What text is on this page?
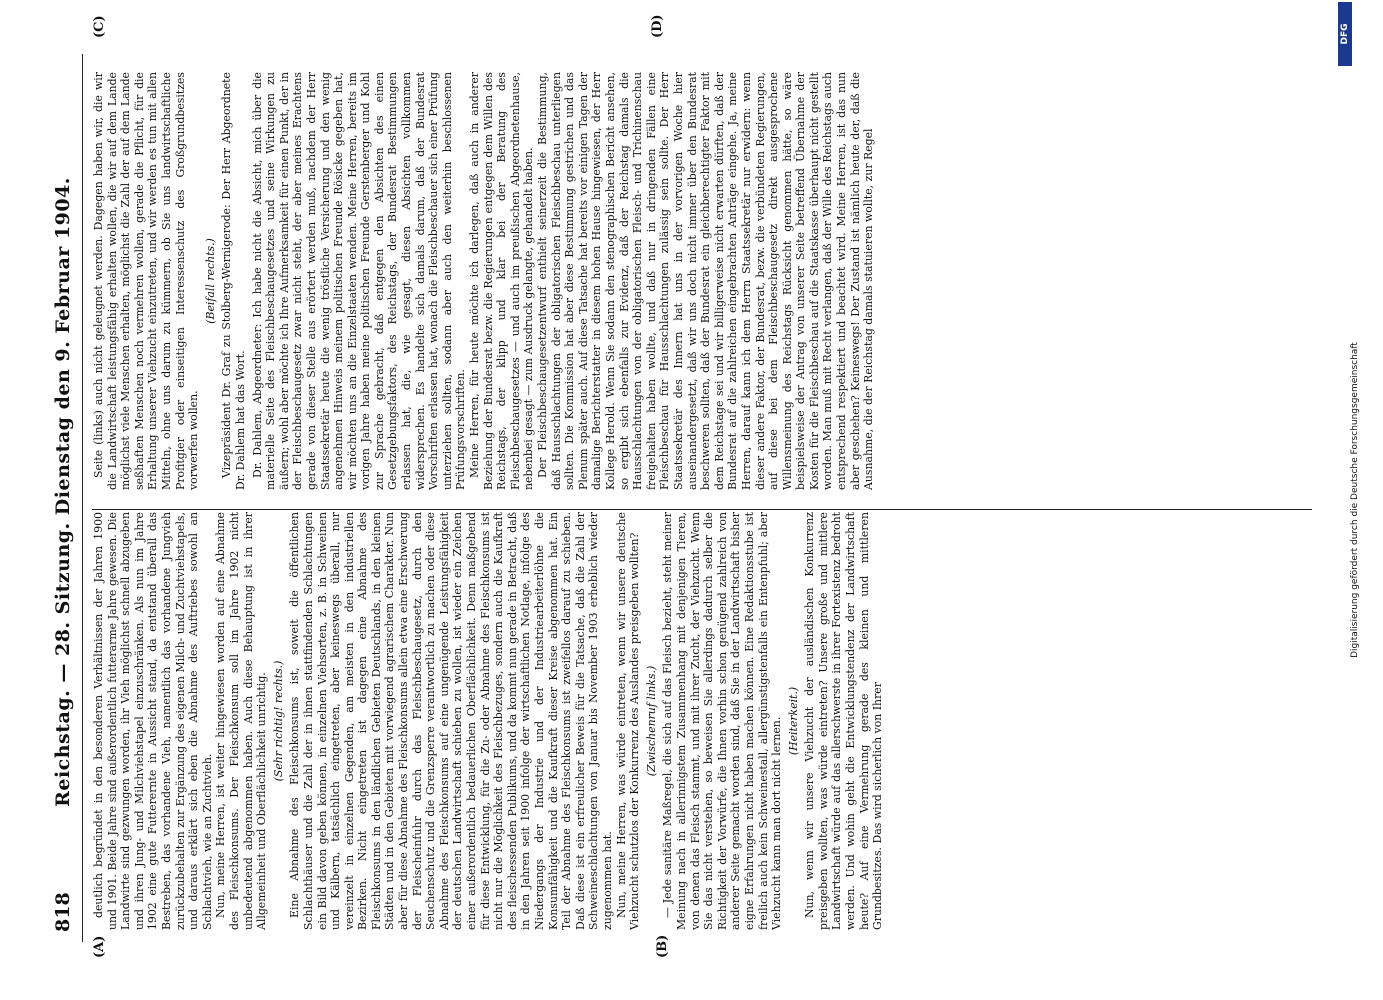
818
Reichstag. — 28. Sitzung. Dienstag den 9. Februar 1904.
(A)	(B)
(C)	(D)

deutlich begründet in den besonderen Verhältnissen der Jahren 1900 und 1901. Beide Jahre sind außerordentlich futterarme Jahre gewesen. Die Landwirte sind gezwungen worden, ihr Vieh möglichst schnell abzugeben und ihren Jung- und Milchviehstapel einzuschränken. Als nun im Jahre 1902 eine gute Futterernte in Aussicht stand, da entstand überall das Bestreben, das vorhandene Vieh, namentlich das vorhandene Jungvieh zurückzubehalten zur Ergänzung des eigenen Milch- und Zuchtviehstapels, und daraus erklärt sich eben die Abnahme des Auftriebes sowohl an Schlachtvieh, wie an Zuchtvieh. Nun, meine Herren, ist weiter hingewiesen worden auf eine Abnahme des Fleischkonsums. Der Fleischkonsum soll im Jahre 1902 nicht unbedeutend abgenommen haben. Auch diese Behauptung ist in ihrer Allgemeinheit und Oberflächlichkeit unrichtig. (Sehr richtig! rechts.) Eine Abnahme des Fleischkonsums ist, soweit die öffentlichen Schlachthäuser und die Zahl der in ihnen stattfindenden Schlachtungen ein Bild davon geben können, in einzelnen Viehsorten, z. B. in Schweinen und Kälbern, tatsächlich eingetreten, aber keineswegs überall, nur vereinzelt in einzelnen Gegenden, am meisten in den industriellen Bezirken. Nicht eingetreten ist dagegen eine Abnahme des Fleischkonsums in den ländlichen Gebieten Deutschlands, in den kleinen Städten und in den Gebieten mit vorwiegend agrarischem Charakter. Nun aber für diese Abnahme des Fleischkonsums allein etwa eine Erschwerung der Fleischeinfuhr durch das Fleischbeschaugesetz, durch den Seuchenschutz und die Grenzsperre verantwortlich zu machen oder diese Abnahme des Fleischkonsums auf eine ungenügende Leistungsfähigkeit der deutschen Landwirtschaft schieben zu wollen, ist wieder ein Zeichen einer außerordentlich bedauerlichen Oberflächlichkeit. Denn maßgebend für diese Entwicklung, für die Zu- oder Abnahme des Fleischkonsums ist nicht nur die Möglichkeit des Fleischbezuges, sondern auch die Kaufkraft des fleischessenden Publikums, und da kommt nun gerade in Betracht, daß in den Jahren seit 1900 infolge der wirtschaftlichen Notlage, infolge des Niedergangs der Industrie und der Industriearbeiterlöhne die Konsumfähigkeit und die Kaufkraft dieser Kreise abgenommen hat. Ein Teil der Abnahme des Fleischkonsums ist zweifellos darauf zu schieben. Daß diese ist ein erfreulicher Beweis für die Tatsache, daß die Zahl der Schweineschlachtungen von Januar bis November 1903 erheblich wieder zugenommen hat. Nun, meine Herren, was würde eintreten, wenn wir unsere deutsche Viehzucht schutzlos der Konkurrenz des Auslandes preisgeben wollten? (Zwischenruf links.) — Jede sanitäre Maßregel, die sich auf das Fleisch bezieht, steht meiner Meinung nach in allerinnigstem Zusammenhang mit denjenigen Tieren, von denen das Fleisch stammt, und mit ihrer Zucht, der Viehzucht. Wenn Sie das nicht verstehen, so beweisen Sie allerdings dadurch selber die Richtigkeit der Vorwürfe, die Ihnen vorhin schon genügend zahlreich von anderer Seite gemacht worden sind, daß Sie in der Landwirtschaft bisher eigne Erfahrungen nicht haben machen können. Eine Redaktionsstube ist freilich auch kein Schweinestall, allergünstigstenfalls ein Entenpfuhl; aber Viehzucht kann man dort nicht lernen. (Heiterkeit.) Nun, wenn wir unsere Viehzucht der ausländischen Konkurrenz preisgeben wollten, was würde eintreten? Unsere große und mittlere Landwirtschaft würde auf das allerschwerste in ihrer Fortexistenz bedroht werden. Und wohin geht die Entwicklungstendenz der Landwirtschaft heute? Auf eine Vermehrung gerade des kleinen und mittleren Grundbesitzes. Das wird sicherlich von Ihrer

Seite (links) auch nicht geleugnet werden. Dagegen haben wir, die wir die Landwirtschaft leistungsfähig erhalten wollen, die wir auf dem Lande möglichst viele Menschen erhalten, möglichst die Zahl der auf dem Lande seßhaften Menschen noch vermehren wollen, gerade die Pflicht, für die Erhaltung unserer Viehzucht einzutreten, und wir werden es tun mit allen Mitteln, ohne uns darum zu kümmern, ob Sie uns landwirtschaftliche Profitgier oder einseitigen Interessenschutz des Großgrundbesitzes vorwerfen wollen.

(Beifall rechts.) Vizepräsident Dr. Graf zu Stolberg-Wernigerode: Der Herr Abgeordnete Dr. Dahlem hat das Wort. Dr. Dahlem, Abgeordneter: Ich habe nicht die Absicht, mich über die materielle Seite des Fleischbeschaugesetzes und seine Wirkungen zu äußern; wohl aber möchte ich Ihre Aufmerksamkeit für einen Punkt, der in der Fleischbeschaugesetz zwar nicht steht, der aber meines Erachtens gerade von dieser Stelle aus erörtert werden muß, nachdem der Herr Staatssekretär heute die wenig tröstliche Versicherung und den wenig angenehmen Hinweis meinem politischen Freunde Rösicke gegeben hat, wir möchten uns an die Einzelstaaten wenden. Meine Herren, bereits im vorigen Jahre haben meine politischen Freunde Gerstenberger und Kohl zur Sprache gebracht, daß entgegen den Absichten des einen Gesetzgebungsfaktors, des Reichstags, der Bundesrat Bestimmungen erlassen hat, die, wie gesagt, diesen Absichten vollkommen widersprechen. Es handelte sich damals darum, daß der Bundesrat Vorschriften erlassen hat, wonach die Fleischbeschauer sich einer Prüfung unterziehen sollten, sodann aber auch den weiterhin beschlossenen Prüfungsvorschriften. Meine Herren, für heute möchte ich darlegen, daß auch in anderer Beziehung der Bundesrat bezw. die Regierungen entgegen dem Willen des Reichstags, der klipp und klar bei der Beratung des Fleischbeschaugesetzes — und auch im preußischen Abgeordnetenhause, nebenbei gesagt — zum Ausdruck gelangte, gehandelt haben. Der Fleischbeschaugesetzentwurf enthielt seinerzeit die Bestimmung, daß Hausschlachtungen der obligatorischen Fleischbeschau unterliegen sollten. Die Kommission hat aber diese Bestimmung gestrichen und das Plenum später auch. Auf diese Tatsache hat bereits vor einigen Tagen der damalige Berichterstatter in diesem hohen Hause hingewiesen, der Herr Kollege Herold. Wenn Sie sodann den stenographischen Bericht ansehen, so ergibt sich ebenfalls zur Evidenz, daß der Reichstag damals die Hausschlachtungen von der obligatorischen Fleisch- und Trichinenschau freigehalten haben wollte, und daß nur in dringenden Fällen eine Fleischbeschau für Hausschlachtungen zulässig sein sollte. Der Herr Staatssekretär des Innern hat uns in der vorvorigen Woche hier auseinandergesetzt, daß wir uns doch nicht immer über den Bundesrat beschweren sollten, daß der Bundesrat ein gleichberechtigter Faktor mit dem Reichstage sei und wir billigerweise nicht erwarten dürften, daß der Bundesrat auf die zahlreichen eingebrachten Anträge eingehe. Ja, meine Herren, darauf kann ich dem Herrn Staatssekretär nur erwidern: wenn dieser andere Faktor, der Bundesrat, bezw. die verbündeten Regierungen, auf diese bei dem Fleischbeschaugesetz direkt ausgesprochene Willensmeinung des Reichstags Rücksicht genommen hätte, so wäre beispielsweise der Antrag von unserer Seite betreffend Übernahme der Kosten für die Fleischbeschau auf die Staatskasse überhaupt nicht gestellt worden. Man muß mit Recht verlangen, daß der Wille des Reichstags auch entsprechend respektiert und beachtet wird. Meine Herren, ist das nun aber geschehen? Keineswegs! Der Zustand ist nämlich heute der, daß die Ausnahme, die der Reichstag damals statuieren wollte, zur Regel

Digitalisierung gefördert durch die Deutsche Forschungsgemeinschaft
DFG
